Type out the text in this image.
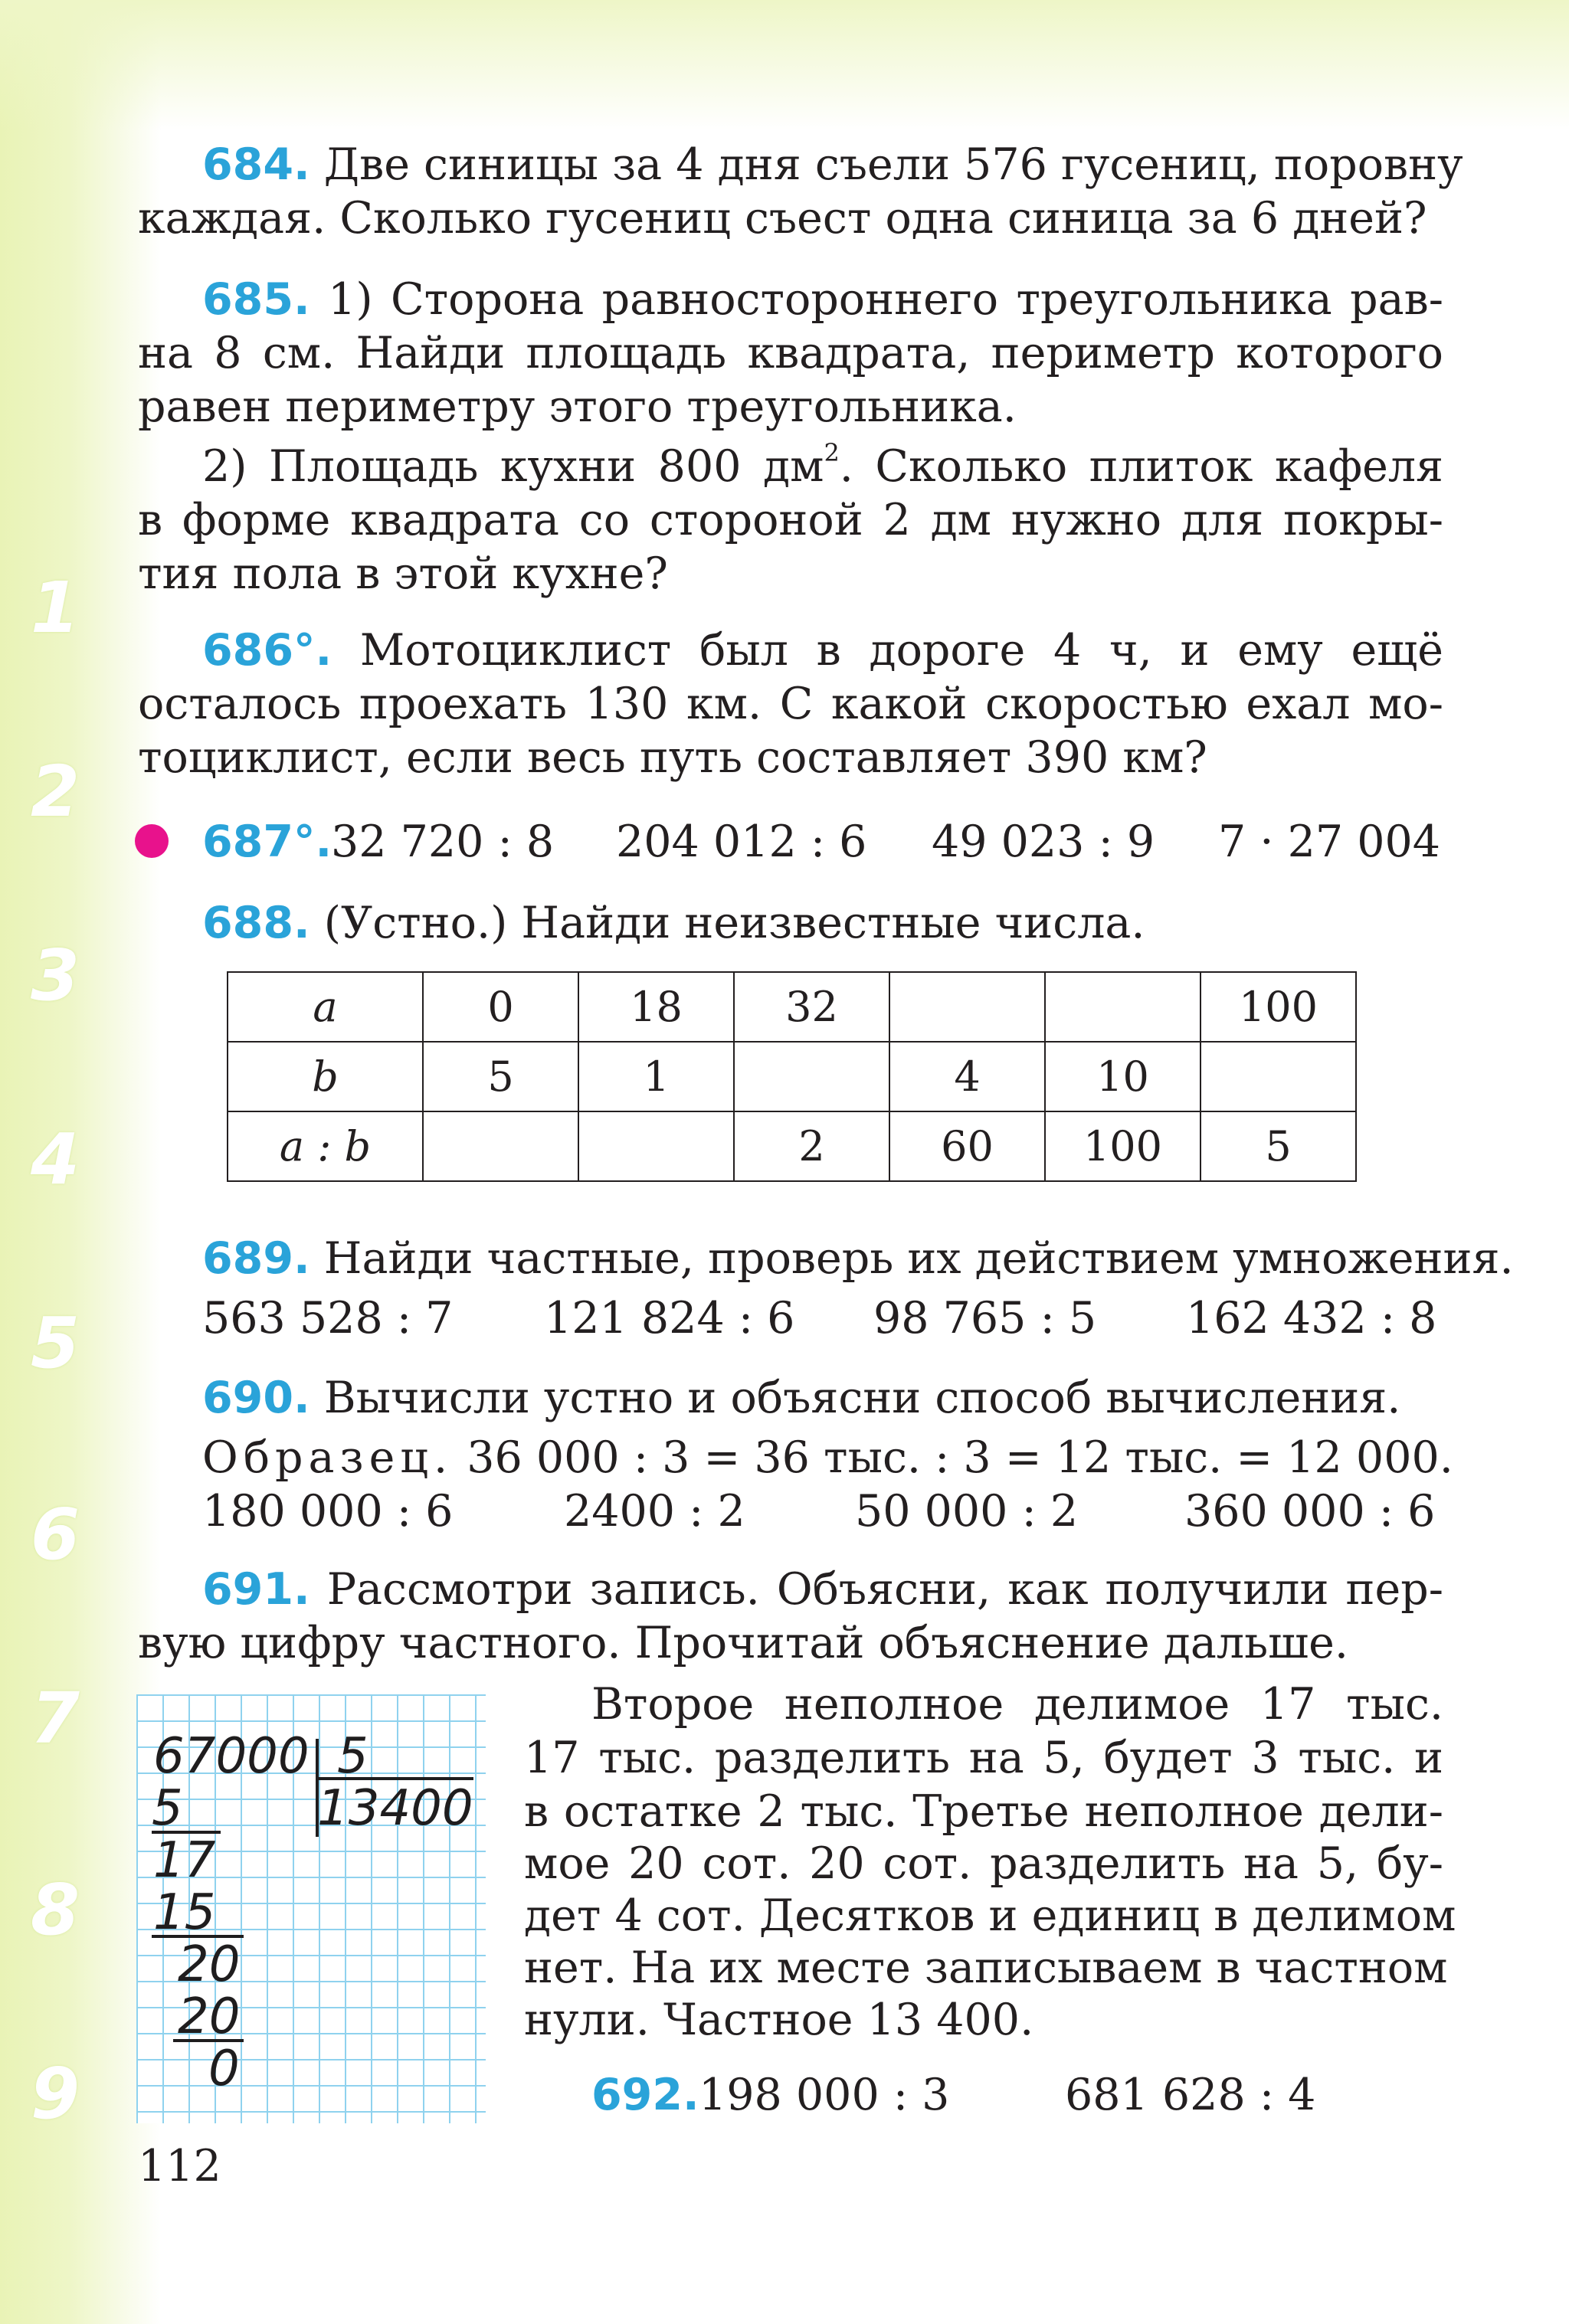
1
2
3
4
5
6
7
8
9
684. Две синицы за 4 дня съели 576 гусениц, поровну
каждая. Сколько гусениц съест одна синица за 6 дней?
685. 1) Сторона равностороннего треугольника рав-
на 8 см. Найди площадь квадрата, периметр которого
равен периметру этого треугольника.
2) Площадь кухни 800 $дм^2$. Сколько плиток кафеля
в форме квадрата со стороной 2 дм нужно для покры-
тия пола в этой кухне?
686°. Мотоциклист был в дороге 4 ч, и ему ещё
осталось проехать 130 км. С какой скоростью ехал мо-
тоциклист, если весь путь составляет 390 км?
687°.
32 720 : 8 204 012 : 6 49 023 : 9 7 · 27 004
688. (Устно.) Найди неизвестные числа.
a	0	18	32			100
b	5	1		4	10	
a : b			2	60	100	5
689. Найди частные, проверь их действием умножения.
563 528 : 7 121 824 : 6 98 765 : 5 162 432 : 8
690. Вычисли устно и объясни способ вычисления.
Образец. 36 000 : 3 = 36 тыс. : 3 = 12 тыс. = 12 000.
180 000 : 6	2400 : 2	50 000 : 2 360 000 : 6
691. Рассмотри запись. Объясни, как получили пер-
вую цифру частного. Прочитай объяснение дальше.
Второе неполное делимое 17 тыс.
17 тыс. разделить на 5, будет 3 тыс. и
в остатке 2 тыс. Третье неполное дели-
мое 20 сот. 20 сот. разделить на 5, бу-
дет 4 сот. Десятков и единиц в делимом
нет. На их месте записываем в частном
нули. Частное 13 400.
67000 5
13400
5
17
15
20
20
0	692. 198 000 : 3	681 628 : 4
112
